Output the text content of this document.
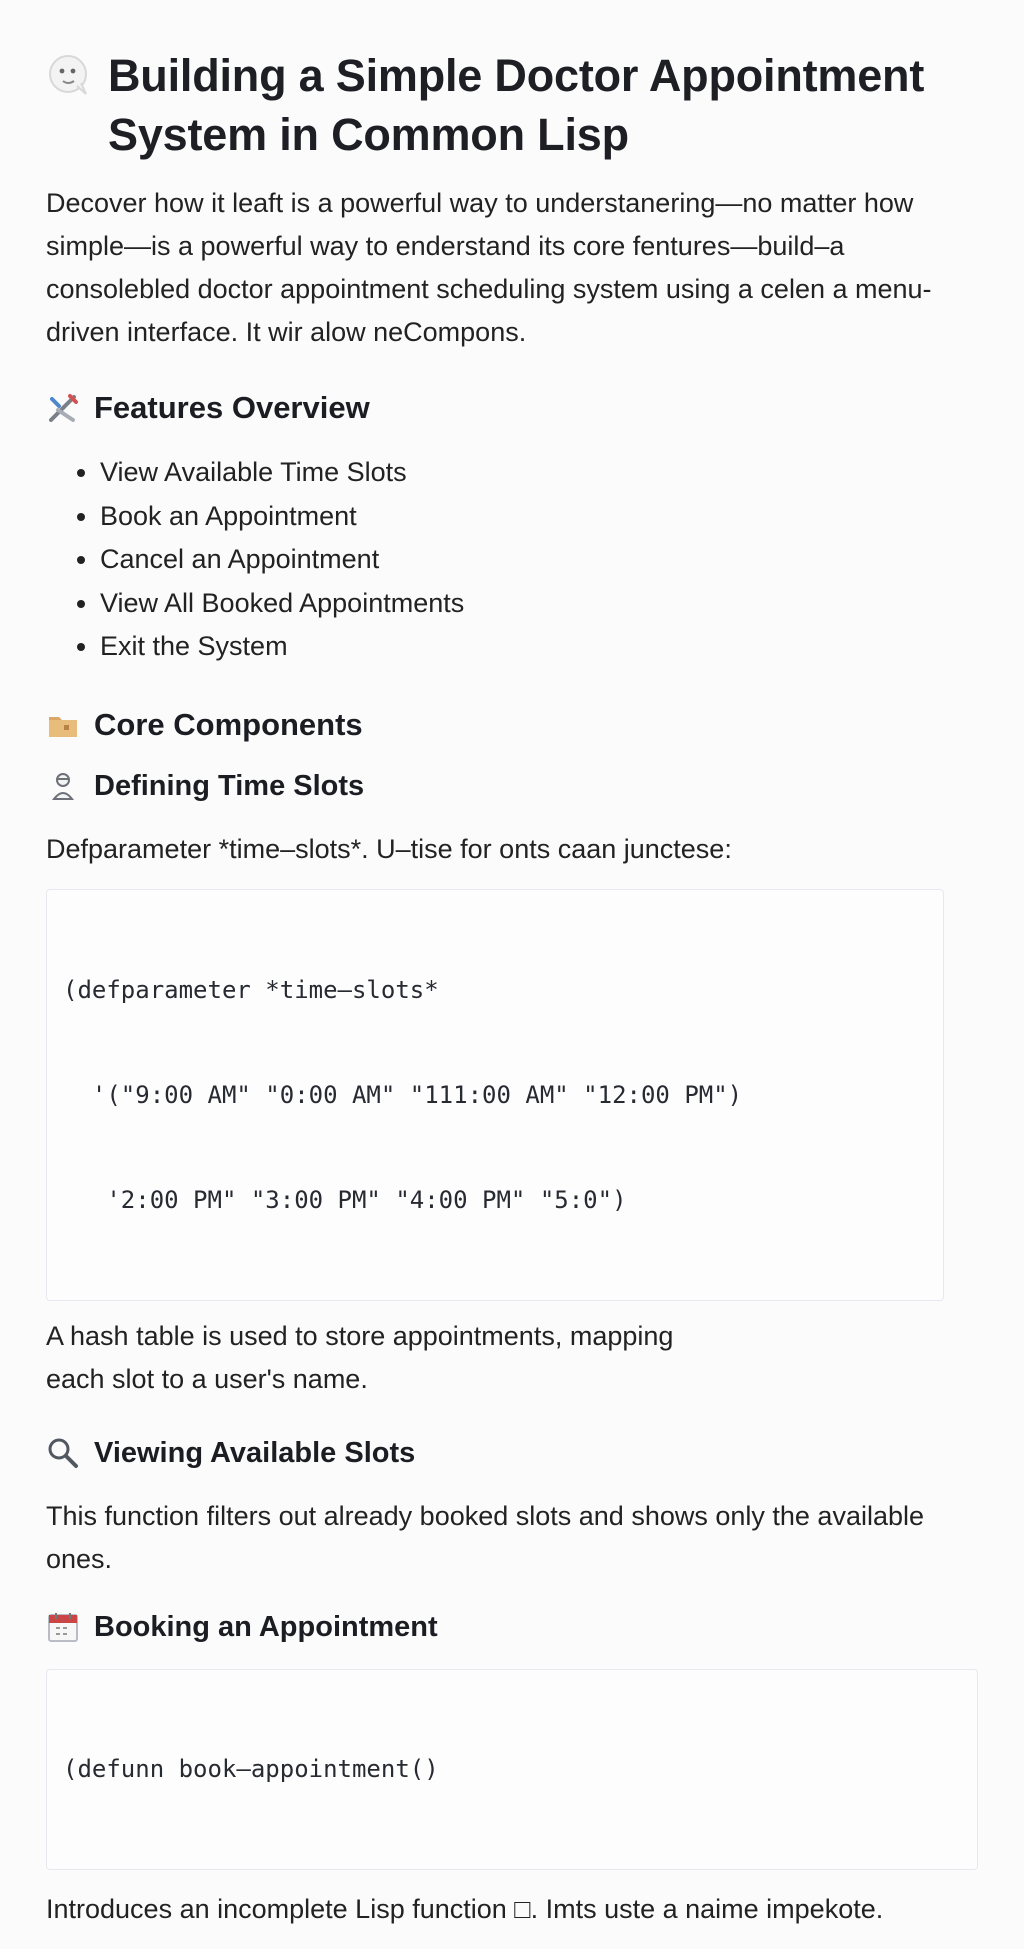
Building a Simple Doctor Appointment System in Common Lisp

Decover how it leaft is a powerful way to understanering—no matter how simple—is a powerful way to enderstand its core fentures—build–a consolebled doctor appointment scheduling system using a celen a menu-driven interface. It wir alow neCompons.

Features Overview
• View Available Time Slots
• Book an Appointment
• Cancel an Appointment
• View All Booked Appointments
• Exit the System
Core Components
Defining Time Slots

Defparameter *time–slots*. U–tise for onts caan junctese:

(defparameter *time–slots*

'("9:00 AM" "0:00 AM" "111:00 AM" "12:00 PM")

'2:00 PM" "3:00 PM" "4:00 PM" "5:0")

A hash table is used to store appointments, mapping each slot to a user's name.

Viewing Available Slots

This function filters out already booked slots and shows only the available ones.

Booking an Appointment

(defunn book–appointment()

Introduces an incomplete Lisp function □. Imts uste a naime impekote.
